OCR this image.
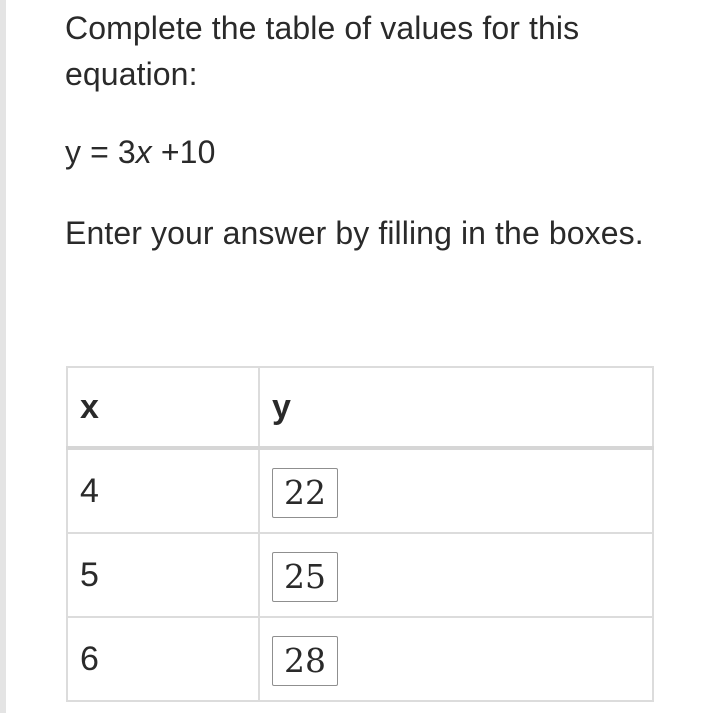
Complete the table of values for this equation:

y = 3x +10

Enter your answer by filling in the boxes.

x	y
4	22
5	25
6	28
